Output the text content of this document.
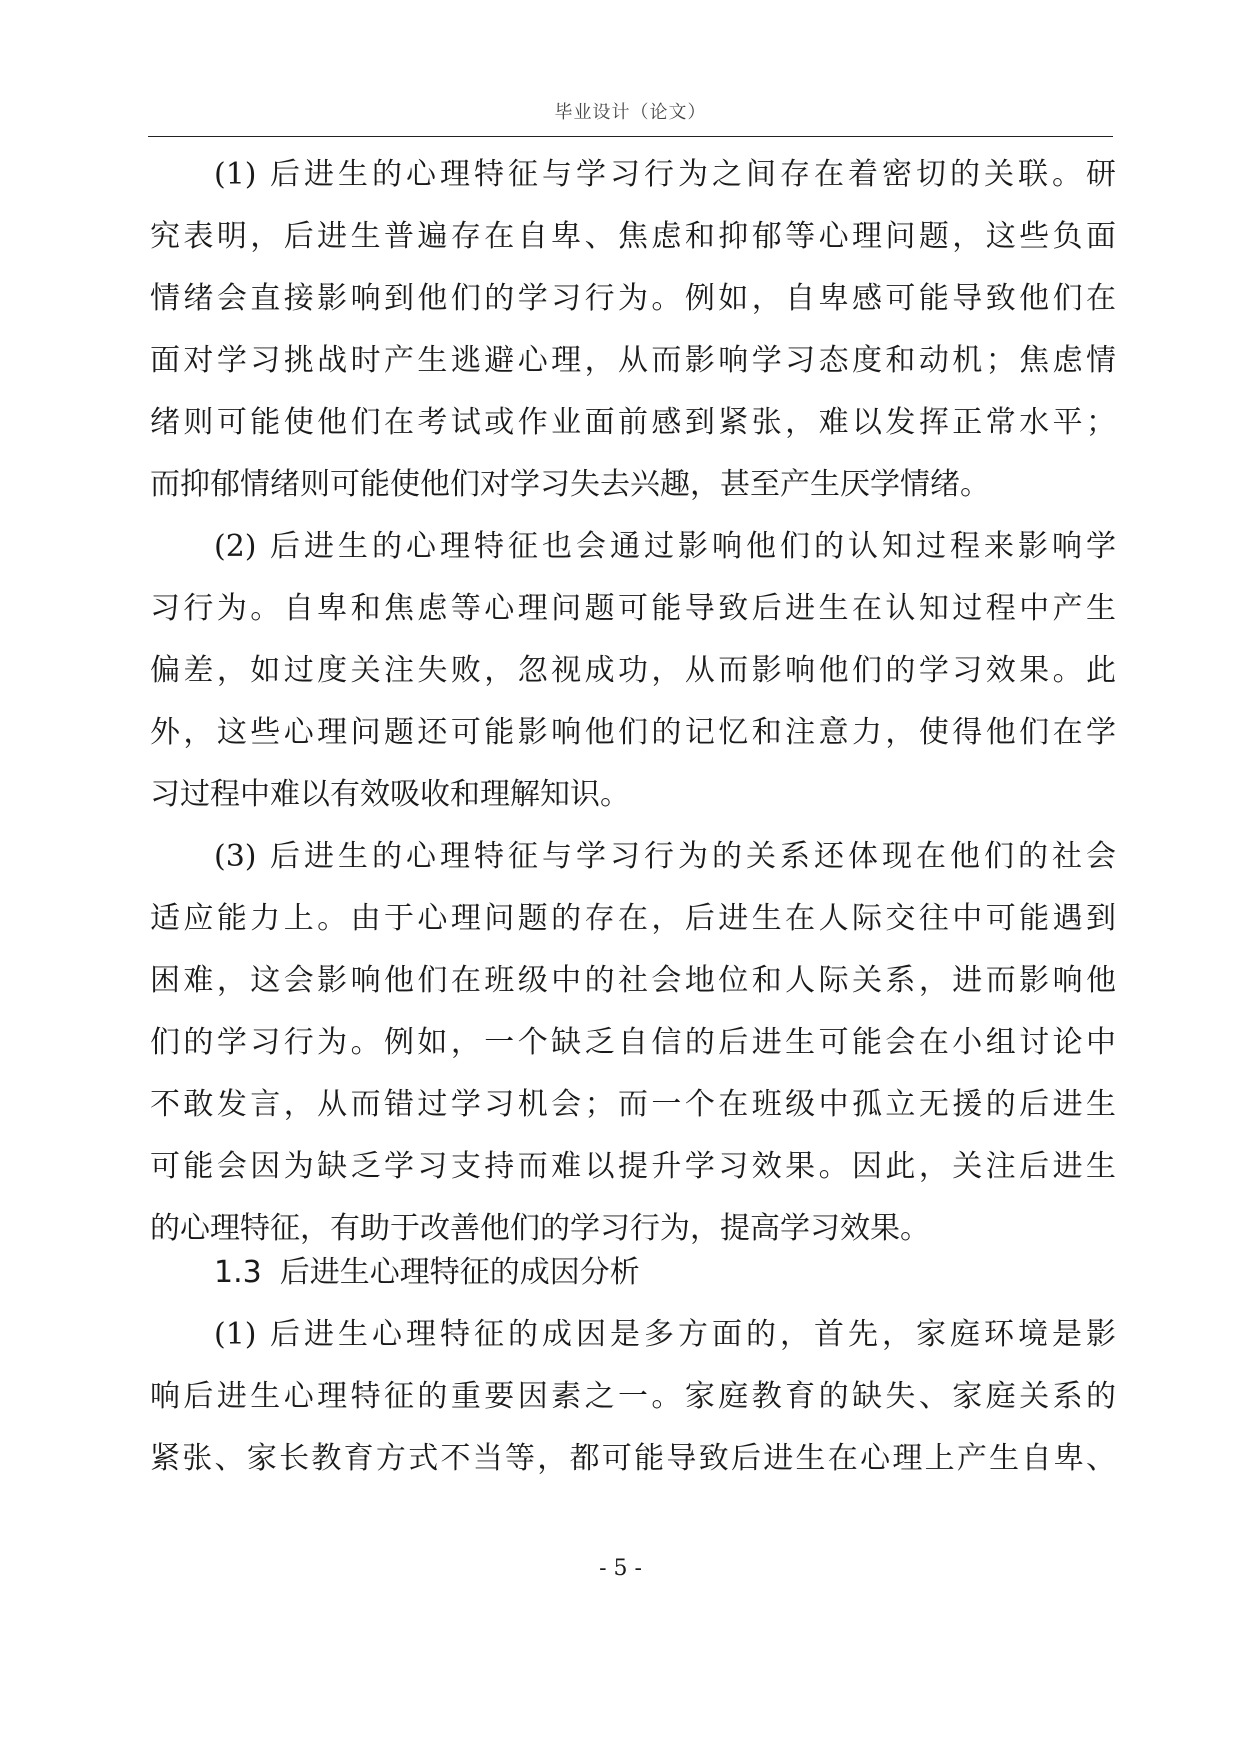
毕业设计（论文）
(1) 后进生的心理特征与学习行为之间存在着密切的关联。研
究表明，后进生普遍存在自卑、焦虑和抑郁等心理问题，这些负面
情绪会直接影响到他们的学习行为。例如，自卑感可能导致他们在
面对学习挑战时产生逃避心理，从而影响学习态度和动机；焦虑情
绪则可能使他们在考试或作业面前感到紧张，难以发挥正常水平；
而抑郁情绪则可能使他们对学习失去兴趣，甚至产生厌学情绪。
(2) 后进生的心理特征也会通过影响他们的认知过程来影响学
习行为。自卑和焦虑等心理问题可能导致后进生在认知过程中产生
偏差，如过度关注失败，忽视成功，从而影响他们的学习效果。此
外，这些心理问题还可能影响他们的记忆和注意力，使得他们在学
习过程中难以有效吸收和理解知识。
(3) 后进生的心理特征与学习行为的关系还体现在他们的社会
适应能力上。由于心理问题的存在，后进生在人际交往中可能遇到
困难，这会影响他们在班级中的社会地位和人际关系，进而影响他
们的学习行为。例如，一个缺乏自信的后进生可能会在小组讨论中
不敢发言，从而错过学习机会；而一个在班级中孤立无援的后进生
可能会因为缺乏学习支持而难以提升学习效果。因此，关注后进生
的心理特征，有助于改善他们的学习行为，提高学习效果。
1.3 后进生心理特征的成因分析
(1) 后进生心理特征的成因是多方面的，首先，家庭环境是影
响后进生心理特征的重要因素之一。家庭教育的缺失、家庭关系的
紧张、家长教育方式不当等，都可能导致后进生在心理上产生自卑、
- 5 -
